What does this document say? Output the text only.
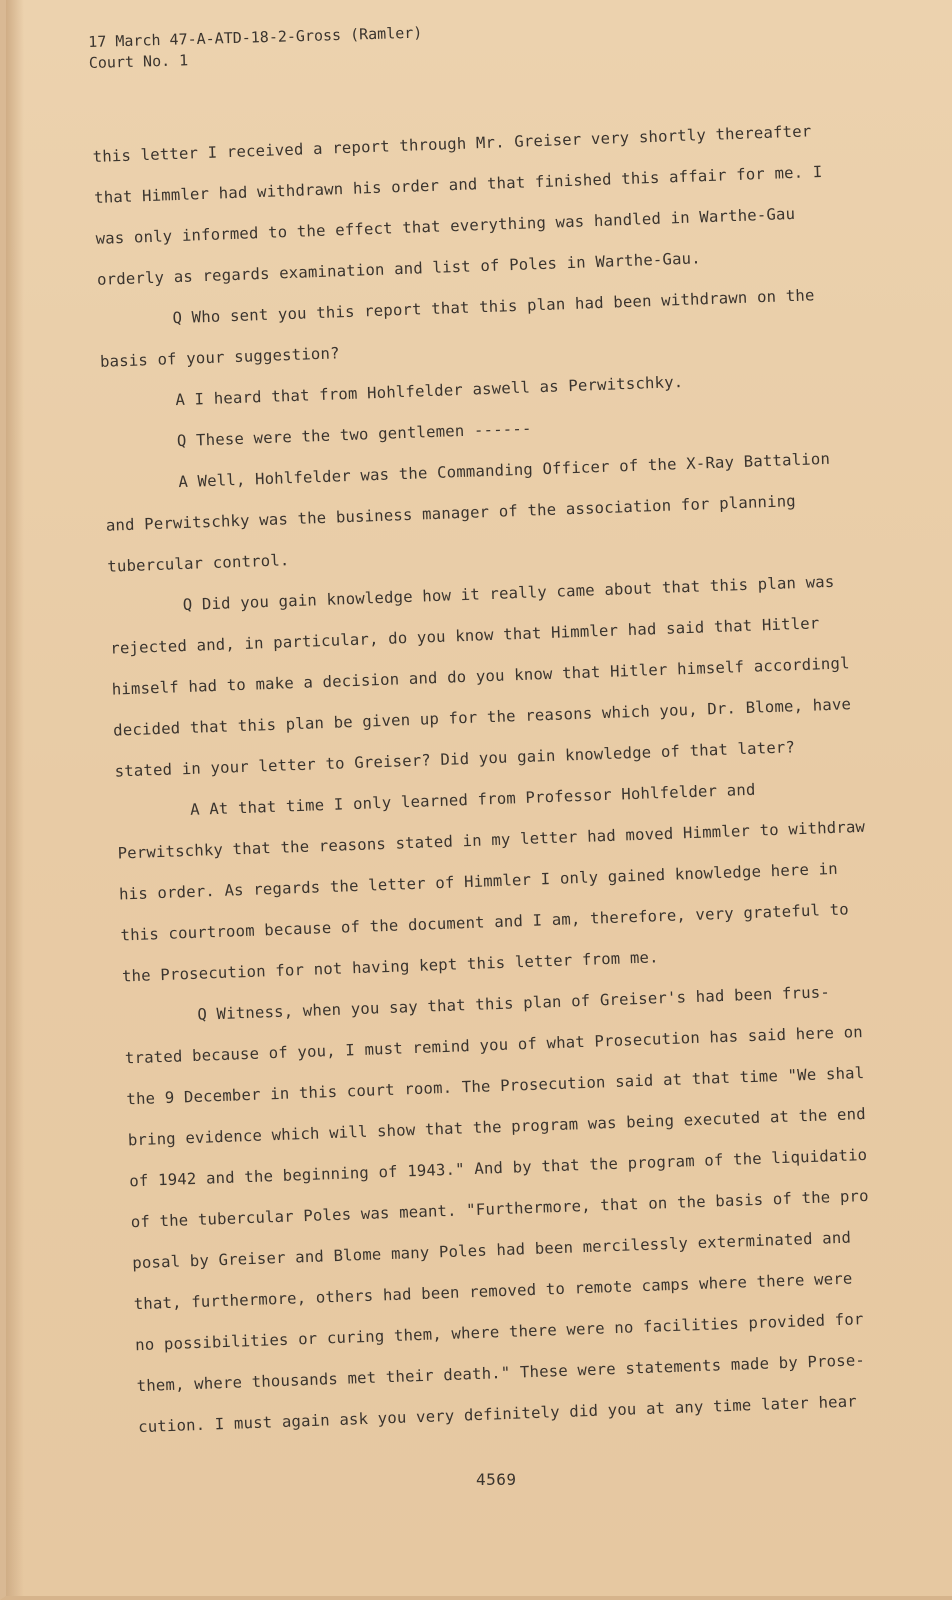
17 March 47-A-ATD-18-2-Gross (Ramler)
Court No. 1
this letter I received a report through Mr. Greiser very shortly thereafter
that Himmler had withdrawn his order and that finished this affair for me. I
was only informed to the effect that everything was handled in Warthe-Gau
orderly as regards examination and list of Poles in Warthe-Gau.
Q Who sent you this report that this plan had been withdrawn on the
basis of your suggestion?
A I heard that from Hohlfelder aswell as Perwitschky.
Q These were the two gentlemen ------
A Well, Hohlfelder was the Commanding Officer of the X-Ray Battalion
and Perwitschky was the business manager of the association for planning
tubercular control.
Q Did you gain knowledge how it really came about that this plan was
rejected and, in particular, do you know that Himmler had said that Hitler
himself had to make a decision and do you know that Hitler himself accordingl
decided that this plan be given up for the reasons which you, Dr. Blome, have
stated in your letter to Greiser? Did you gain knowledge of that later?
A At that time I only learned from Professor Hohlfelder and
Perwitschky that the reasons stated in my letter had moved Himmler to withdraw
his order. As regards the letter of Himmler I only gained knowledge here in
this courtroom because of the document and I am, therefore, very grateful to
the Prosecution for not having kept this letter from me.
Q Witness, when you say that this plan of Greiser's had been frus-
trated because of you, I must remind you of what Prosecution has said here on
the 9 December in this court room. The Prosecution said at that time "We shal
bring evidence which will show that the program was being executed at the end
of 1942 and the beginning of 1943." And by that the program of the liquidatio
of the tubercular Poles was meant. "Furthermore, that on the basis of the pro
posal by Greiser and Blome many Poles had been mercilessly exterminated and
that, furthermore, others had been removed to remote camps where there were
no possibilities or curing them, where there were no facilities provided for
them, where thousands met their death." These were statements made by Prose-
cution. I must again ask you very definitely did you at any time later hear
4569
